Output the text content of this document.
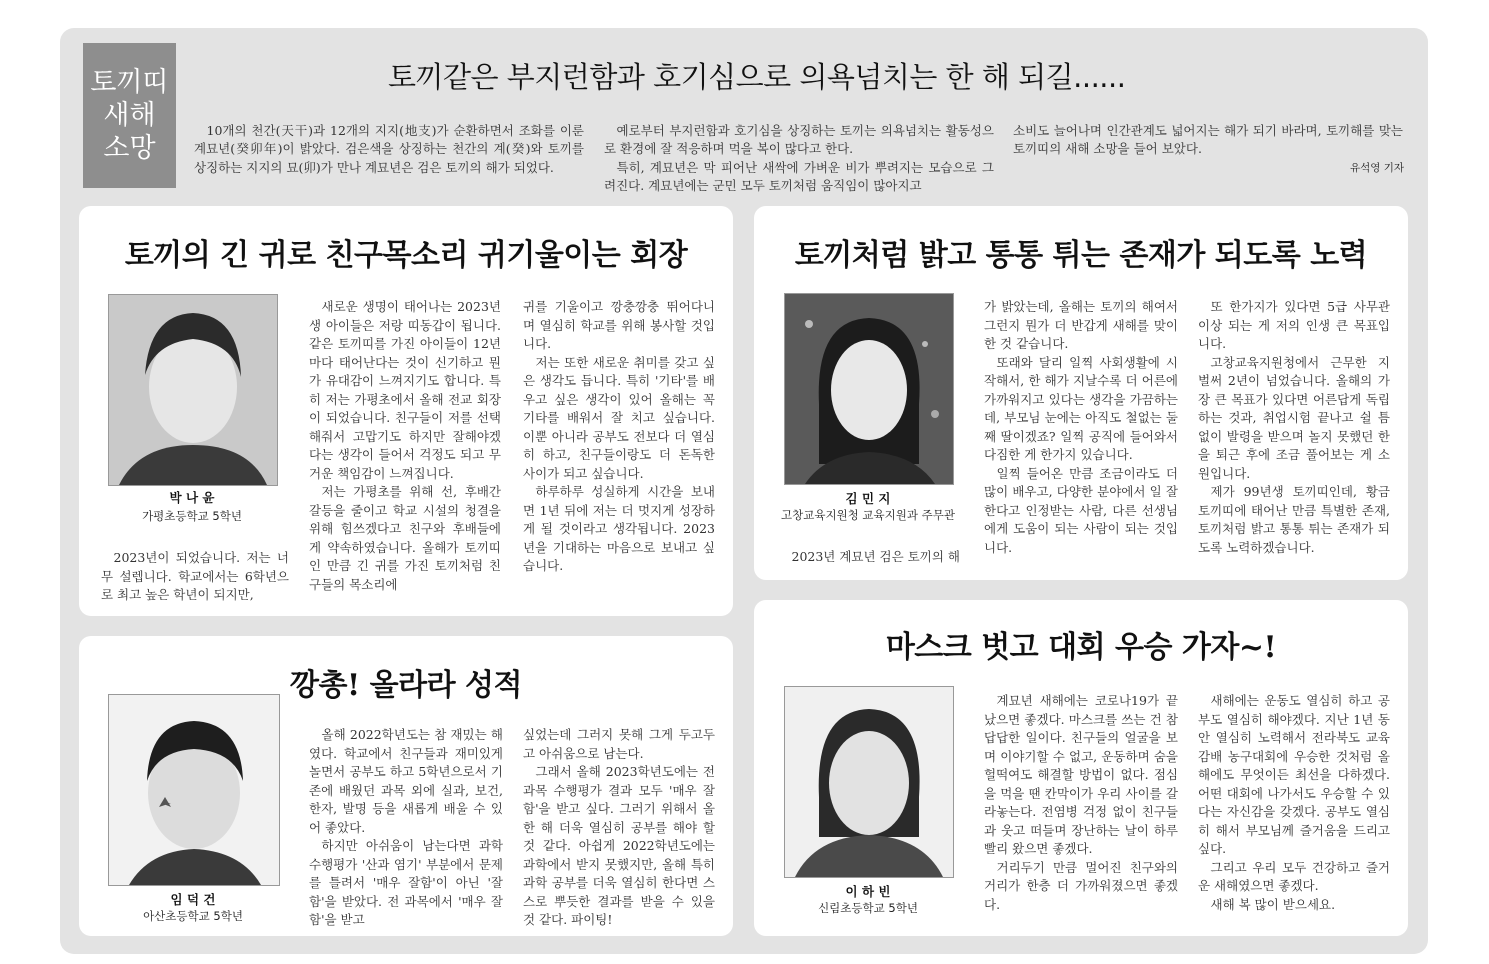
토끼띠
새해
소망
토끼같은 부지런함과 호기심으로 의욕넘치는 한 해 되길......

10개의 천간(天干)과 12개의 지지(地支)가 순환하면서 조화를 이룬 계묘년(癸卯年)이 밝았다. 검은색을 상징하는 천간의 계(癸)와 토끼를 상징하는 지지의 묘(卯)가 만나 계묘년은 검은 토끼의 해가 되었다.

예로부터 부지런함과 호기심을 상징하는 토끼는 의욕넘치는 활동성으로 환경에 잘 적응하며 먹을 복이 많다고 한다.

특히, 계묘년은 막 피어난 새싹에 가벼운 비가 뿌려지는 모습으로 그려진다. 계묘년에는 군민 모두 토끼처럼 움직임이 많아지고

소비도 늘어나며 인간관계도 넓어지는 해가 되기 바라며, 토끼해를 맞는 토끼띠의 새해 소망을 들어 보았다.

유석영 기자
토끼의 긴 귀로 친구목소리 귀기울이는 회장
박 나 윤
가평초등학교 5학년

2023년이 되었습니다. 저는 너무 설렙니다. 학교에서는 6학년으로 최고 높은 학년이 되지만,

새로운 생명이 태어나는 2023년생 아이들은 저랑 띠동갑이 됩니다. 같은 토끼띠를 가진 아이들이 12년마다 태어난다는 것이 신기하고 뭔가 유대감이 느껴지기도 합니다. 특히 저는 가평초에서 올해 전교 회장이 되었습니다. 친구들이 저를 선택해줘서 고맙기도 하지만 잘해야겠다는 생각이 들어서 걱정도 되고 무거운 책임감이 느껴집니다.

저는 가평초를 위해 선, 후배간 갈등을 줄이고 학교 시설의 청결을 위해 힘쓰겠다고 친구와 후배들에게 약속하였습니다. 올해가 토끼띠인 만큼 긴 귀를 가진 토끼처럼 친구들의 목소리에

귀를 기울이고 깡충깡충 뛰어다니며 열심히 학교를 위해 봉사할 것입니다.

저는 또한 새로운 취미를 갖고 싶은 생각도 듭니다. 특히 '기타'를 배우고 싶은 생각이 있어 올해는 꼭 기타를 배워서 잘 치고 싶습니다. 이뿐 아니라 공부도 전보다 더 열심히 하고, 친구들이랑도 더 돈독한 사이가 되고 싶습니다.

하루하루 성실하게 시간을 보내면 1년 뒤에 저는 더 멋지게 성장하게 될 것이라고 생각됩니다. 2023년을 기대하는 마음으로 보내고 싶습니다.

토끼처럼 밝고 통통 튀는 존재가 되도록 노력
김 민 지
고창교육지원청 교육지원과 주무관

2023년 계묘년 검은 토끼의 해

가 밝았는데, 올해는 토끼의 해여서 그런지 뭔가 더 반갑게 새해를 맞이한 것 같습니다.

또래와 달리 일찍 사회생활에 시작해서, 한 해가 지날수록 더 어른에 가까워지고 있다는 생각을 가끔하는데, 부모님 눈에는 아직도 철없는 둘째 딸이겠죠? 일찍 공직에 들어와서 다짐한 게 한가지 있습니다.

일찍 들어온 만큼 조금이라도 더 많이 배우고, 다양한 분야에서 일 잘한다고 인정받는 사람, 다른 선생님에게 도움이 되는 사람이 되는 것입니다.

또 한가지가 있다면 5급 사무관 이상 되는 게 저의 인생 큰 목표입니다.

고창교육지원청에서 근무한 지 벌써 2년이 넘었습니다. 올해의 가장 큰 목표가 있다면 어른답게 독립하는 것과, 취업시험 끝나고 쉴 틈 없이 발령을 받으며 놀지 못했던 한을 퇴근 후에 조금 풀어보는 게 소원입니다.

제가 99년생 토끼띠인데, 황금 토끼띠에 태어난 만큼 특별한 존재, 토끼처럼 밝고 통통 튀는 존재가 되도록 노력하겠습니다.

깡총! 올라라 성적
임 덕 건
아산초등학교 5학년

올해 2022학년도는 참 재밌는 해였다. 학교에서 친구들과 재미있게 놀면서 공부도 하고 5학년으로서 기존에 배웠던 과목 외에 실과, 보건, 한자, 발명 등을 새롭게 배울 수 있어 좋았다.

하지만 아쉬움이 남는다면 과학 수행평가 '산과 염기' 부분에서 문제를 틀려서 '매우 잘함'이 아닌 '잘함'을 받았다. 전 과목에서 '매우 잘함'을 받고

싶었는데 그러지 못해 그게 두고두고 아쉬움으로 남는다.

그래서 올해 2023학년도에는 전 과목 수행평가 결과 모두 '매우 잘함'을 받고 싶다. 그러기 위해서 올 한 해 더욱 열심히 공부를 해야 할 것 같다. 아쉽게 2022학년도에는 과학에서 받지 못했지만, 올해 특히 과학 공부를 더욱 열심히 한다면 스스로 뿌듯한 결과를 받을 수 있을 것 같다. 파이팅!

마스크 벗고 대회 우승 가자~!
이 하 빈
신림초등학교 5학년

계묘년 새해에는 코로나19가 끝났으면 좋겠다. 마스크를 쓰는 건 참 답답한 일이다. 친구들의 얼굴을 보며 이야기할 수 없고, 운동하며 숨을 헐떡여도 해결할 방법이 없다. 점심을 먹을 땐 칸막이가 우리 사이를 갈라놓는다. 전염병 걱정 없이 친구들과 웃고 떠들며 장난하는 날이 하루빨리 왔으면 좋겠다.

거리두기 만큼 멀어진 친구와의 거리가 한층 더 가까워졌으면 좋겠다.

새해에는 운동도 열심히 하고 공부도 열심히 해야겠다. 지난 1년 동안 열심히 노력해서 전라북도 교육감배 농구대회에 우승한 것처럼 올해에도 무엇이든 최선을 다하겠다. 어떤 대회에 나가서도 우승할 수 있다는 자신감을 갖겠다. 공부도 열심히 해서 부모님께 즐거움을 드리고 싶다.

그리고 우리 모두 건강하고 즐거운 새해였으면 좋겠다.

새해 복 많이 받으세요.
